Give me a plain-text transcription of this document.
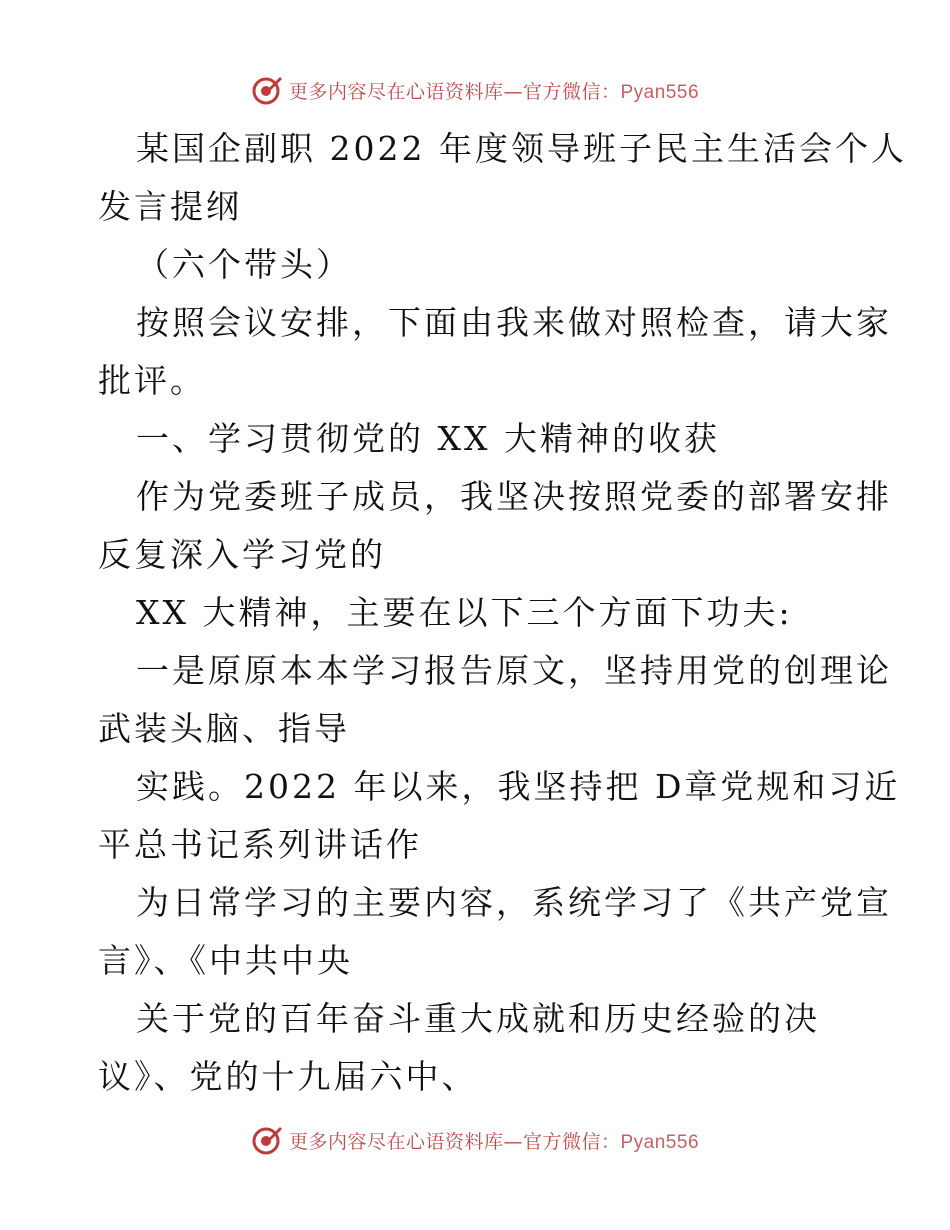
更多内容尽在心语资料库—官方微信：Pyan556
某国企副职 2022 年度领导班子民主生活会个人
发言提纲
（六个带头）
按照会议安排，下面由我来做对照检查，请大家
批评。
一、学习贯彻党的 XX 大精神的收获
作为党委班子成员，我坚决按照党委的部署安排
反复深入学习党的
XX 大精神，主要在以下三个方面下功夫:
一是原原本本学习报告原文，坚持用党的创理论
武装头脑、指导
实践。2022 年以来，我坚持把 D章党规和习近
平总书记系列讲话作
为日常学习的主要内容，系统学习了《共产党宣
言》、《中共中央
关于党的百年奋斗重大成就和历史经验的决
议》、党的十九届六中、
更多内容尽在心语资料库—官方微信：Pyan556
